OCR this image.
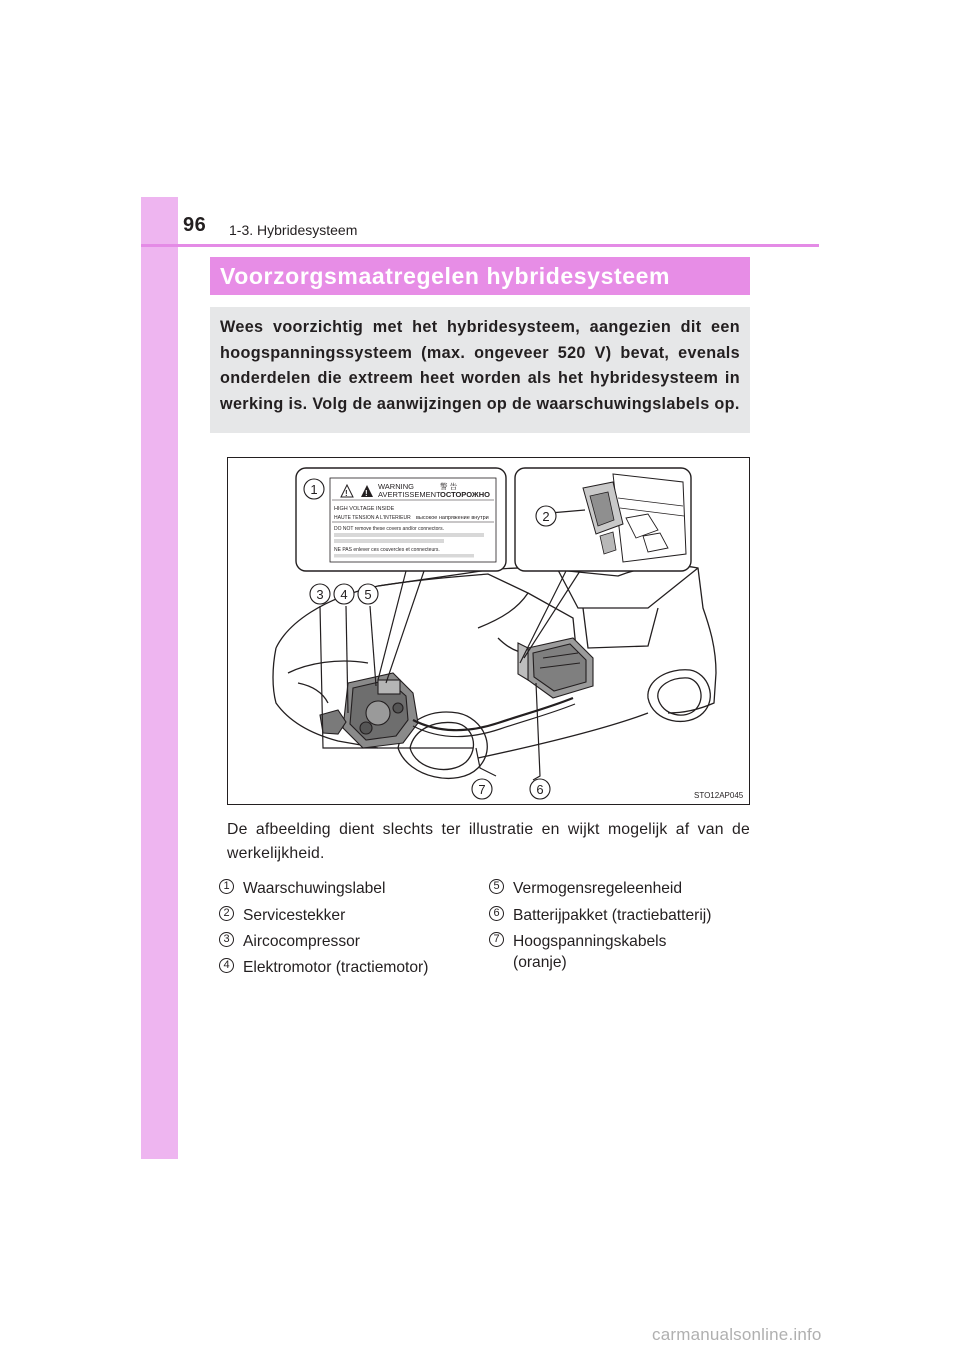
96 1-3. Hybridesysteem
Voorzorgsmaatregelen hybridesysteem
Wees voorzichtig met het hybridesysteem, aangezien dit een hoogspanningssysteem (max. ongeveer 520 V) bevat, evenals onderdelen die extreem heet worden als het hybridesysteem in werking is. Volg de aanwijzingen op de waarschuwingslabels op.
! !
WARNING
AVERTISSEMENT
警 告
ОСТОРОЖНО
HIGH VOLTAGE INSIDE
HAUTE TENSION A L'INTERIEUR высокое напряжение внутри
DO NOT remove these covers and/or connectors.
NE PAS enlever ces couvercles et connecteurs.
1
2
3 4 5
6
7	STO12AP045
De afbeelding dient slechts ter illustratie en wijkt mogelijk af van de werkelijkheid.
1 Waarschuwingslabel
2 Servicestekker
3 Aircocompressor
4 Elektromotor (tractiemotor)
5 Vermogensregeleenheid
6 Batterijpakket (tractiebatterij)
7 Hoogspanningskabels
(oranje)
carmanualsonline.info
